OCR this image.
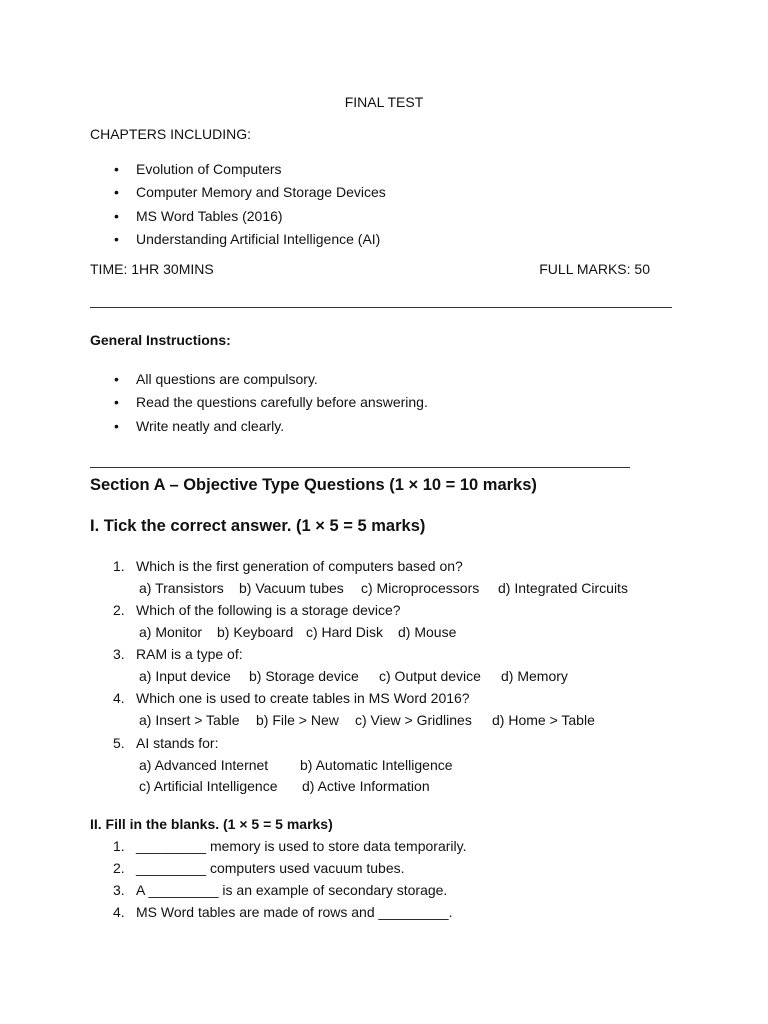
FINAL TEST
CHAPTERS INCLUDING:
• Evolution of Computers
• Computer Memory and Storage Devices
• MS Word Tables (2016)
• Understanding Artificial Intelligence (AI)
TIME: 1HR 30MINS	FULL MARKS: 50
General Instructions:
• All questions are compulsory.
• Read the questions carefully before answering.
• Write neatly and clearly.
Section A – Objective Type Questions (1 × 10 = 10 marks)
I. Tick the correct answer. (1 × 5 = 5 marks)
1. Which is the first generation of computers based on?
a) Transistors b) Vacuum tubes c) Microprocessors d) Integrated Circuits
2. Which of the following is a storage device?
a) Monitor b) Keyboard c) Hard Disk d) Mouse
3. RAM is a type of:
a) Input device b) Storage device c) Output device d) Memory
4. Which one is used to create tables in MS Word 2016?
a) Insert > Table b) File > New c) View > Gridlines d) Home > Table
5. AI stands for:
a) Advanced Internet b) Automatic Intelligence
c) Artificial Intelligence d) Active Information
II. Fill in the blanks. (1 × 5 = 5 marks)
1. _________ memory is used to store data temporarily.
2. _________ computers used vacuum tubes.
3. A _________ is an example of secondary storage.
4. MS Word tables are made of rows and _________.
